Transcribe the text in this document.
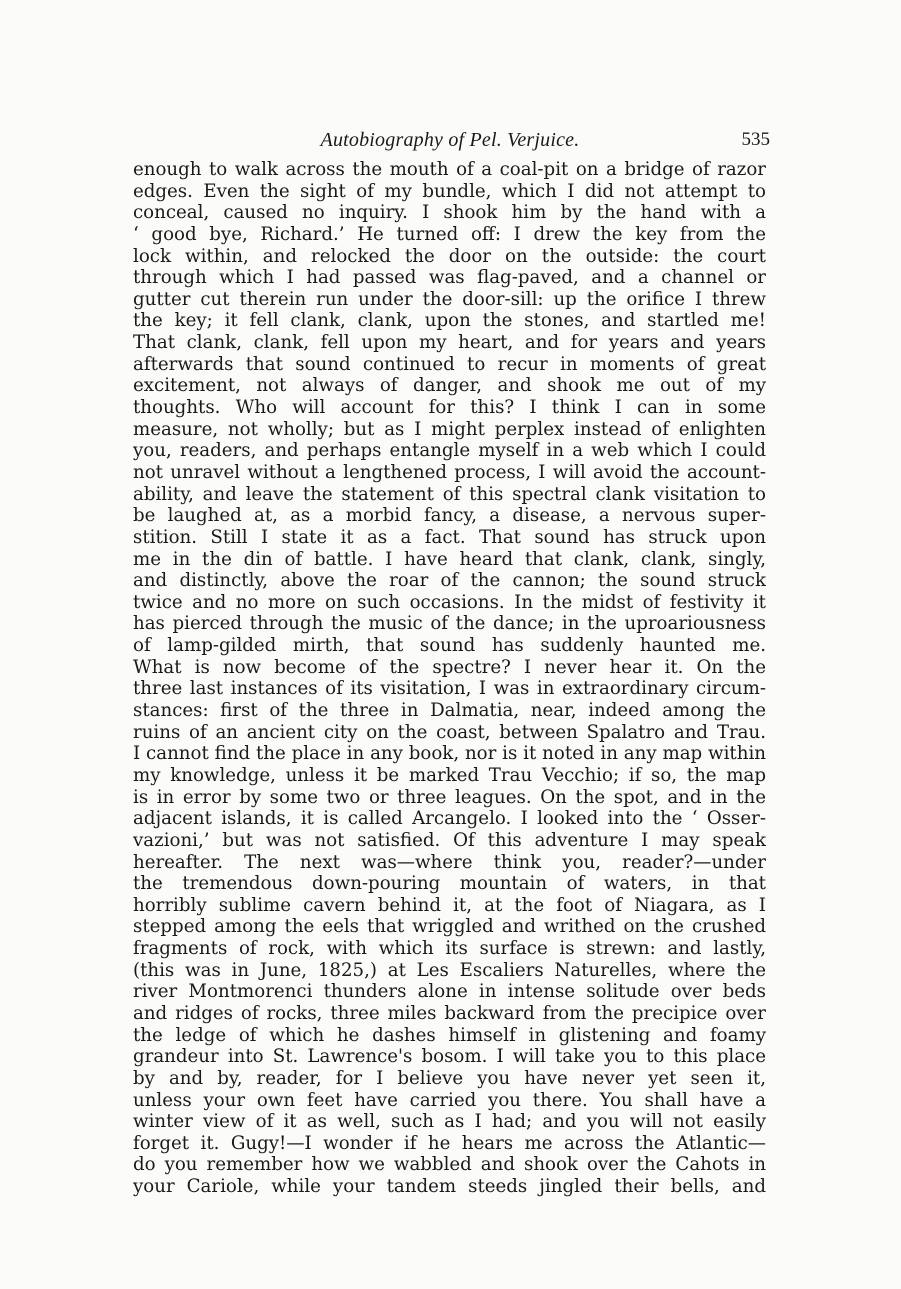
Autobiography of Pel. Verjuice.	535
enough to walk across the mouth of a coal-pit on a bridge of razor
edges. Even the sight of my bundle, which I did not attempt to
conceal, caused no inquiry. I shook him by the hand with a
‘ good bye, Richard.’ He turned off: I drew the key from the
lock within, and relocked the door on the outside: the court
through which I had passed was flag-paved, and a channel or
gutter cut therein run under the door-sill: up the orifice I threw
the key; it fell clank, clank, upon the stones, and startled me!
That clank, clank, fell upon my heart, and for years and years
afterwards that sound continued to recur in moments of great
excitement, not always of danger, and shook me out of my
thoughts. Who will account for this? I think I can in some
measure, not wholly; but as I might perplex instead of enlighten
you, readers, and perhaps entangle myself in a web which I could
not unravel without a lengthened process, I will avoid the account-
ability, and leave the statement of this spectral clank visitation to
be laughed at, as a morbid fancy, a disease, a nervous super-
stition. Still I state it as a fact. That sound has struck upon
me in the din of battle. I have heard that clank, clank, singly,
and distinctly, above the roar of the cannon; the sound struck
twice and no more on such occasions. In the midst of festivity it
has pierced through the music of the dance; in the uproariousness
of lamp-gilded mirth, that sound has suddenly haunted me.
What is now become of the spectre? I never hear it. On the
three last instances of its visitation, I was in extraordinary circum-
stances: first of the three in Dalmatia, near, indeed among the
ruins of an ancient city on the coast, between Spalatro and Trau.
I cannot find the place in any book, nor is it noted in any map within
my knowledge, unless it be marked Trau Vecchio; if so, the map
is in error by some two or three leagues. On the spot, and in the
adjacent islands, it is called Arcangelo. I looked into the ‘ Osser-
vazioni,’ but was not satisfied. Of this adventure I may speak
hereafter. The next was—where think you, reader?—under
the tremendous down-pouring mountain of waters, in that
horribly sublime cavern behind it, at the foot of Niagara, as I
stepped among the eels that wriggled and writhed on the crushed
fragments of rock, with which its surface is strewn: and lastly,
(this was in June, 1825,) at Les Escaliers Naturelles, where the
river Montmorenci thunders alone in intense solitude over beds
and ridges of rocks, three miles backward from the precipice over
the ledge of which he dashes himself in glistening and foamy
grandeur into St. Lawrence's bosom. I will take you to this place
by and by, reader, for I believe you have never yet seen it,
unless your own feet have carried you there. You shall have a
winter view of it as well, such as I had; and you will not easily
forget it. Gugy!—I wonder if he hears me across the Atlantic—
do you remember how we wabbled and shook over the Cahots in
your Cariole, while your tandem steeds jingled their bells, and
